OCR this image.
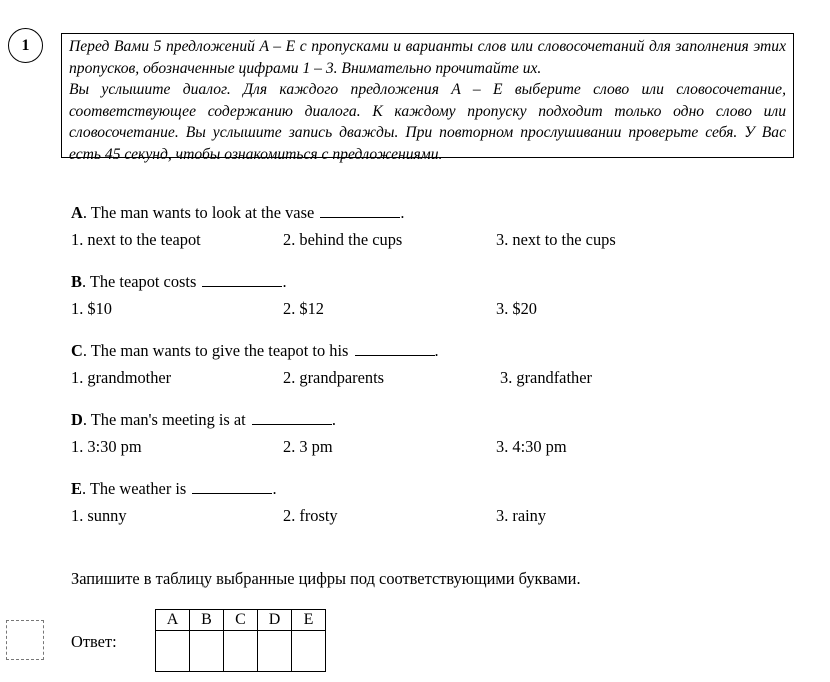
1	Перед Вами 5 предложений A – E с пропусками и варианты слов или словосочетаний для заполнения этих пропусков, обозначенные цифрами 1 – 3. Внимательно прочитайте их.

Вы услышите диалог. Для каждого предложения A – E выберите слово или словосочетание, соответствующее содержанию диалога. К каждому пропуску подходит только одно слово или словосочетание. Вы услышите запись дважды. При повторном прослушивании проверьте себя. У Вас есть 45 секунд, чтобы ознакомиться с предложениями.

A. The man wants to look at the vase	.
1. next to the teapot	2. behind the cups	3. next to the cups
B. The teapot costs	.
1. $10	2. $12	3. $20
C. The man wants to give the teapot to his	.
1. grandmother	2. grandparents	3. grandfather
D. The man's meeting is at	.
1. 3:30 pm	2. 3 pm	3. 4:30 pm
E. The weather is	.
1. sunny	2. frosty	3. rainy
Запишите в таблицу выбранные цифры под соответствующими буквами.
Ответ:
A	B	C	D	E
